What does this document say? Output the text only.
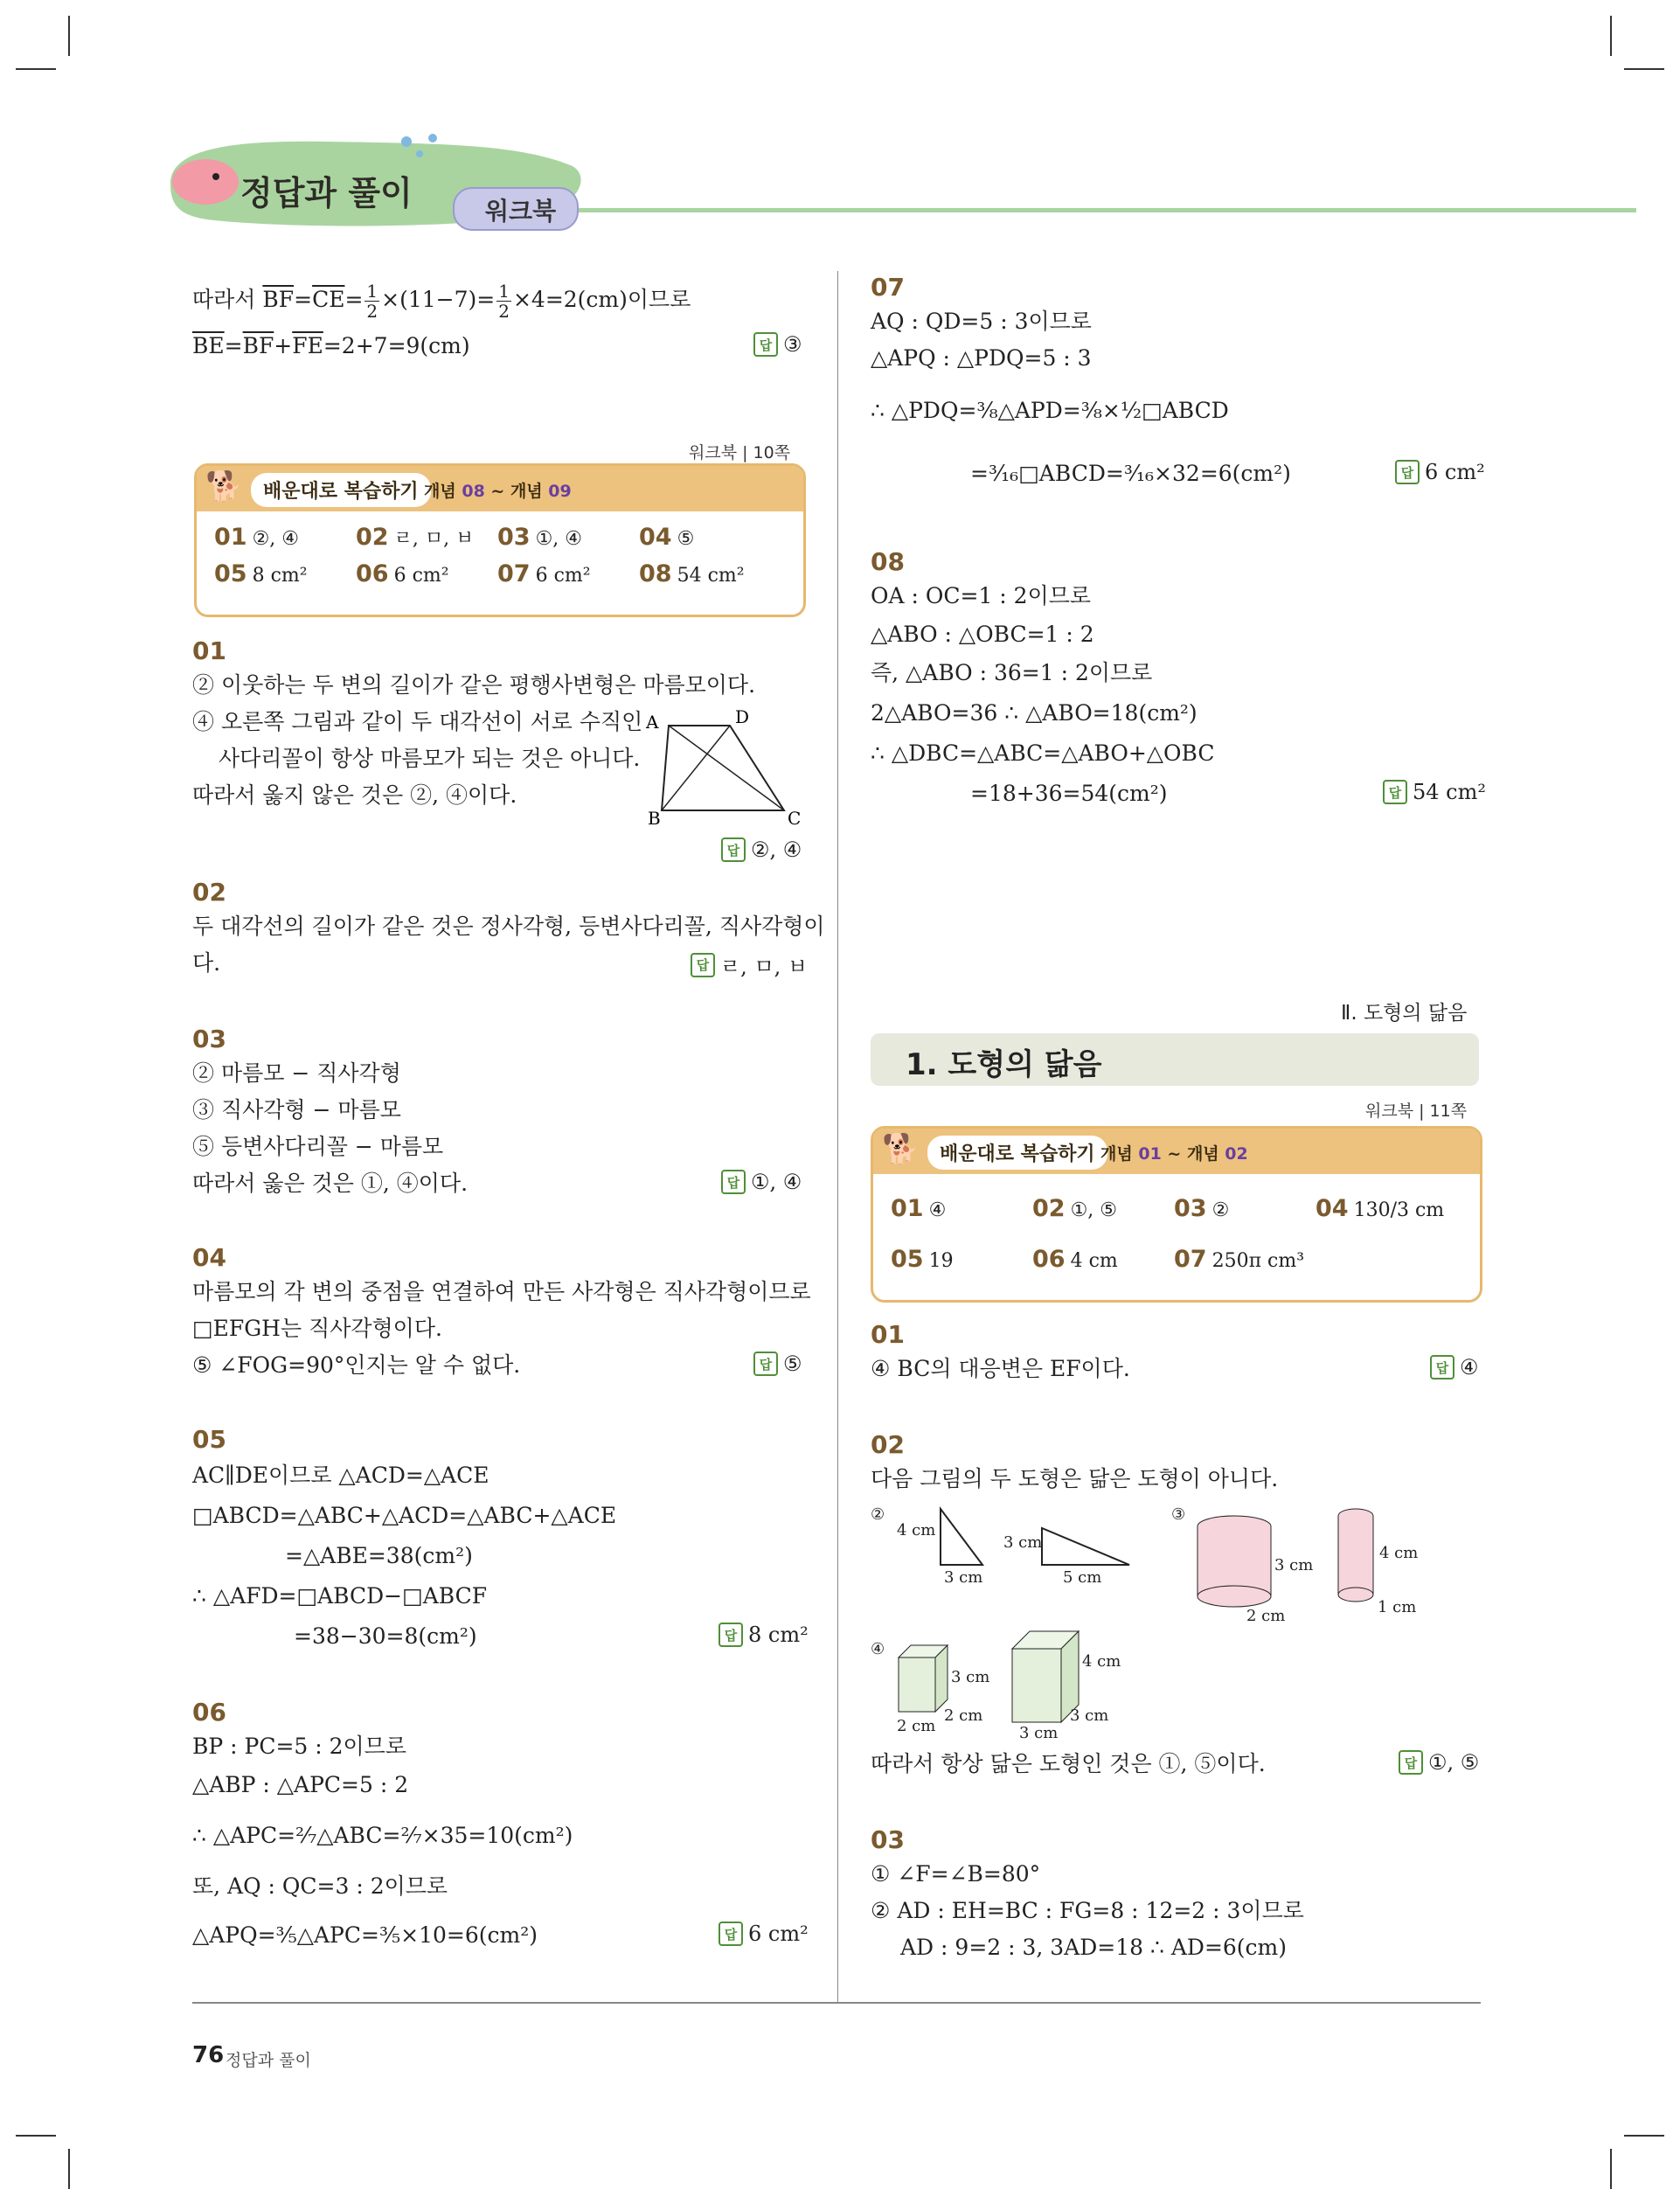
정답과 풀이	워크북
따라서 $\overline{BF}=\overline{CE}= \frac{1}{2} \times(11-7)= \frac{1}{2} \times 4=2(cm)$이므로
$\overline{BE}=\overline{BF}+\overline{FE}=2+7=9(cm)$	답 ③
워크북 | 10쪽
🐕	배운대로 복습하기 개념 08 ~ 개념 09
01 ②, ④ 02 ㄹ, ㅁ, ㅂ 03 ①, ④ 04 ⑤
05 8 cm² 06 6 cm² 07 6 cm² 08 54 cm²
01
② 이웃하는 두 변의 길이가 같은 평행사변형은 마름모이다.
④ 오른쪽 그림과 같이 두 대각선이 서로 수직인
사다리꼴이 항상 마름모가 되는 것은 아니다.
따라서 옳지 않은 것은 ②, ④이다.
A	D
B	C
답 ②, ④
02
두 대각선의 길이가 같은 것은 정사각형, 등변사다리꼴, 직사각형이
다.	답 ㄹ, ㅁ, ㅂ
03
② 마름모 − 직사각형
③ 직사각형 − 마름모
⑤ 등변사다리꼴 − 마름모
따라서 옳은 것은 ①, ④이다.	답 ①, ④
04
마름모의 각 변의 중점을 연결하여 만든 사각형은 직사각형이므로
□EFGH는 직사각형이다.
⑤ ∠FOG=90°인지는 알 수 없다.	답 ⑤
05
AC∥DE이므로 △ACD=△ACE
□ABCD=△ABC+△ACD=△ABC+△ACE
=△ABE=38(cm²)
∴ △AFD=□ABCD−□ABCF
=38−30=8(cm²)	답 8 cm²
06
BP : PC=5 : 2이므로
△ABP : △APC=5 : 2
∴ △APC=²⁄₇△ABC=²⁄₇×35=10(cm²)
또, AQ : QC=3 : 2이므로
△APQ=³⁄₅△APC=³⁄₅×10=6(cm²)	답 6 cm²
07
AQ : QD=5 : 3이므로
△APQ : △PDQ=5 : 3
∴ △PDQ=³⁄₈△APD=³⁄₈×½□ABCD
=³⁄₁₆□ABCD=³⁄₁₆×32=6(cm²)	답 6 cm²
08
OA : OC=1 : 2이므로
△ABO : △OBC=1 : 2
즉, △ABO : 36=1 : 2이므로
2△ABO=36 ∴ △ABO=18(cm²)
∴ △DBC=△ABC=△ABO+△OBC
=18+36=54(cm²)	답 54 cm²
Ⅱ. 도형의 닮음
1. 도형의 닮음
워크북 | 11쪽
🐕	배운대로 복습하기 개념 01 ~ 개념 02
01 ④	02 ①, ⑤ 03 ②	04 130/3 cm
05 19	06 4 cm 07 250π cm³
01
④ BC의 대응변은 EF이다.	답 ④
02
다음 그림의 두 도형은 닮은 도형이 아니다.
②
4 cm
3 cm
3 cm
5 cm
③
3 cm
2 cm
4 cm
1 cm
④
3 cm
2 cm
2 cm
4 cm
3 cm
3 cm
따라서 항상 닮은 도형인 것은 ①, ⑤이다.	답 ①, ⑤
03
① ∠F=∠B=80°
② AD : EH=BC : FG=8 : 12=2 : 3이므로
AD : 9=2 : 3, 3AD=18 ∴ AD=6(cm)
76 정답과 풀이
